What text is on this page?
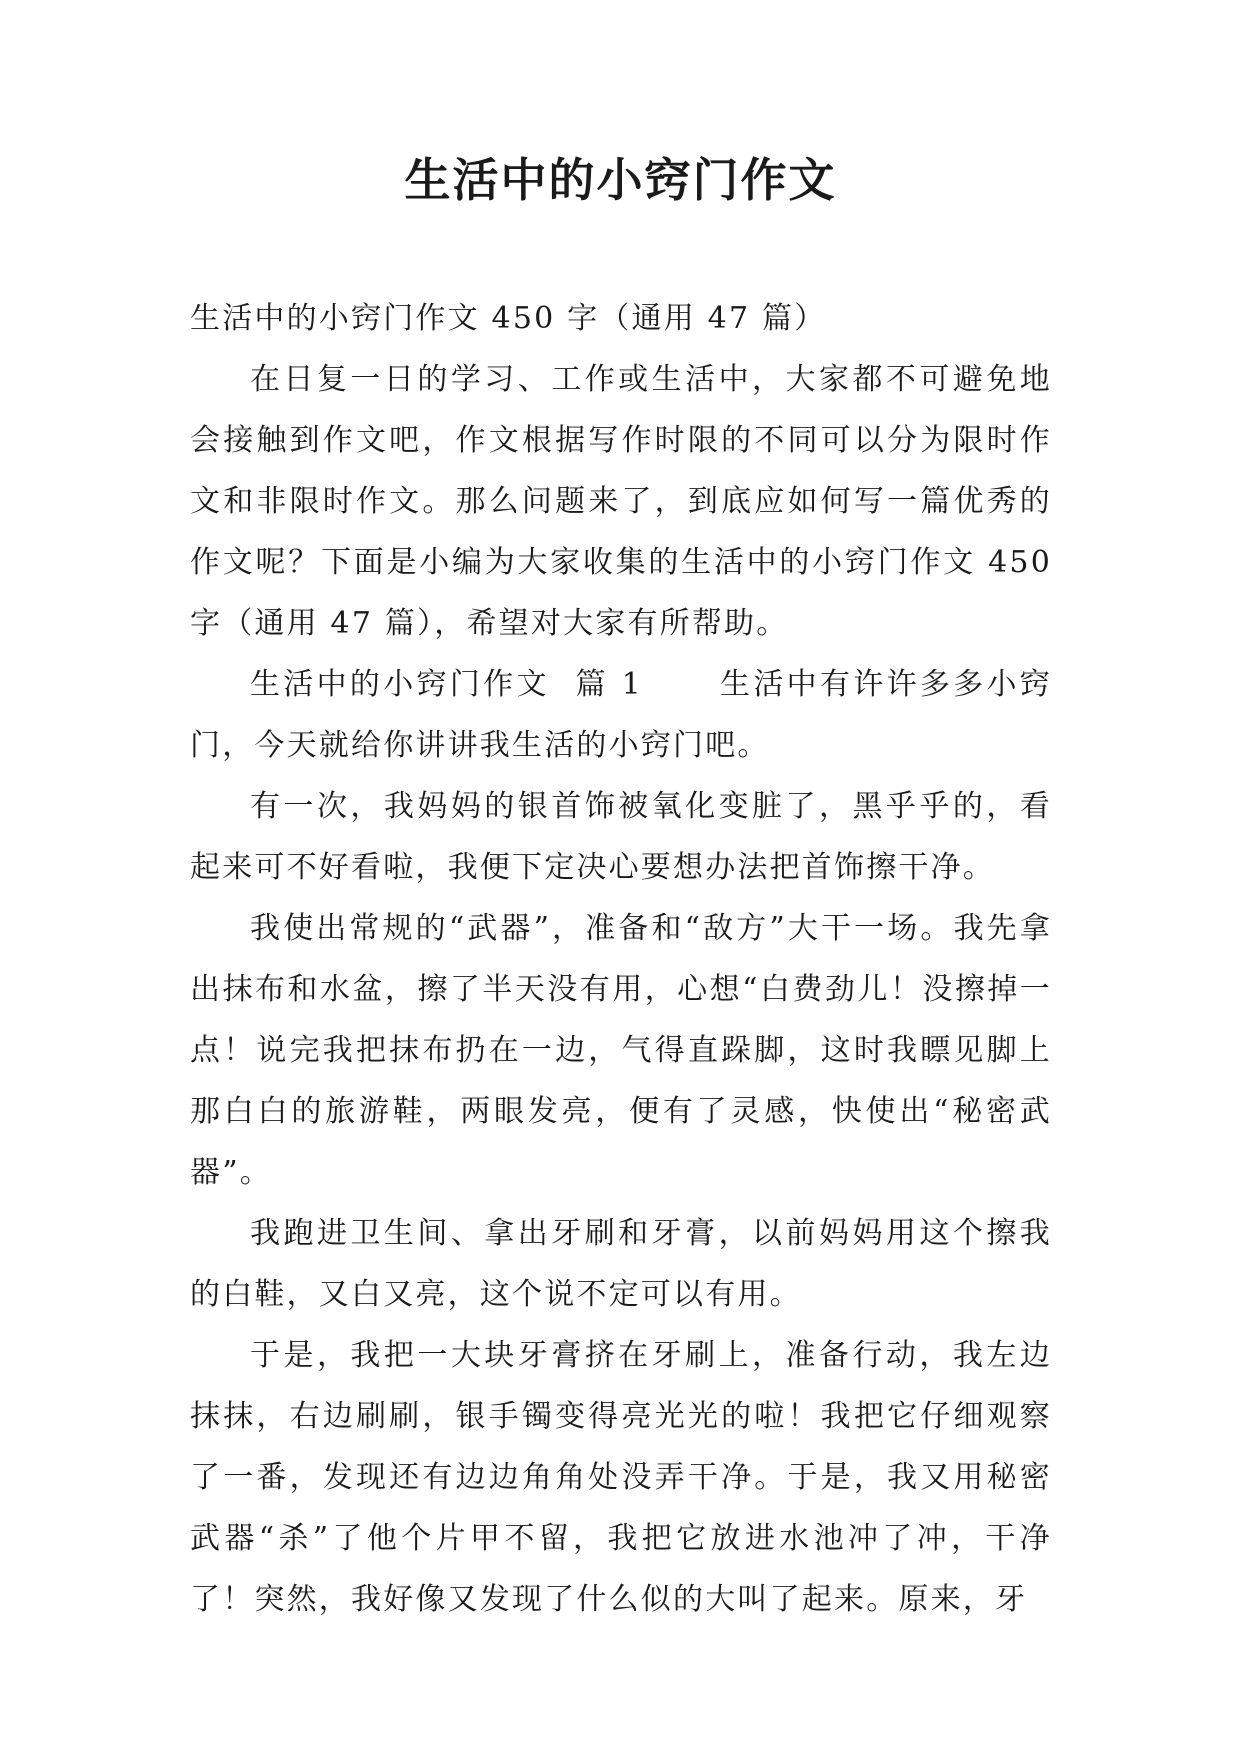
生活中的小窍门作文

生活中的小窍门作文 450 字（通用 47 篇）

在日复一日的学习、工作或生活中，大家都不可避免地会接触到作文吧，作文根据写作时限的不同可以分为限时作文和非限时作文。那么问题来了，到底应如何写一篇优秀的作文呢？下面是小编为大家收集的生活中的小窍门作文 450 字（通用 47 篇），希望对大家有所帮助。

生活中的小窍门作文  篇 1	生活中有许许多多小窍门，今天就给你讲讲我生活的小窍门吧。

有一次，我妈妈的银首饰被氧化变脏了，黑乎乎的，看起来可不好看啦，我便下定决心要想办法把首饰擦干净。

我使出常规的“武器”，准备和“敌方”大干一场。我先拿出抹布和水盆，擦了半天没有用，心想“白费劲儿！没擦掉一点！说完我把抹布扔在一边，气得直跺脚，这时我瞟见脚上那白白的旅游鞋，两眼发亮，便有了灵感，快使出“秘密武器”。

我跑进卫生间、拿出牙刷和牙膏，以前妈妈用这个擦我的白鞋，又白又亮，这个说不定可以有用。

于是，我把一大块牙膏挤在牙刷上，准备行动，我左边抹抹，右边刷刷，银手镯变得亮光光的啦！我把它仔细观察了一番，发现还有边边角角处没弄干净。于是，我又用秘密武器“杀”了他个片甲不留，我把它放进水池冲了冲，干净了！突然，我好像又发现了什么似的大叫了起来。原来，牙
